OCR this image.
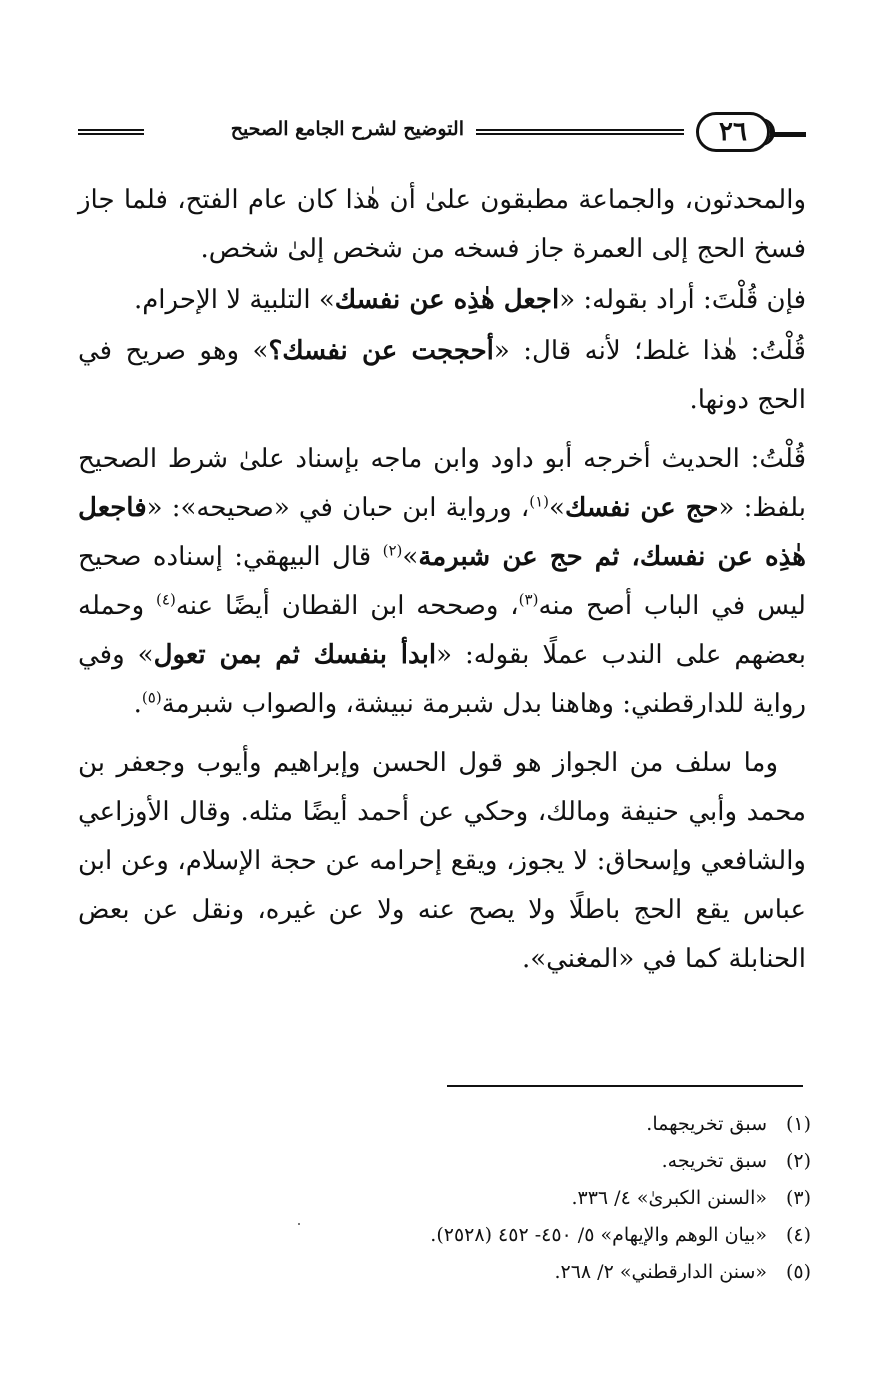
٢٦
التوضيح لشرح الجامع الصحيح

والمحدثون، والجماعة مطبقون علىٰ أن هٰذا كان عام الفتح، فلما جاز فسخ الحج إلى العمرة جاز فسخه من شخص إلىٰ شخص.

فإن قُلْتَ: أراد بقوله: «اجعل هٰذِه عن نفسك» التلبية لا الإحرام.

قُلْتُ: هٰذا غلط؛ لأنه قال: «أحججت عن نفسك؟» وهو صريح في الحج دونها.

قُلْتُ: الحديث أخرجه أبو داود وابن ماجه بإسناد علىٰ شرط الصحيح بلفظ: «حج عن نفسك»$^{(١)}$، ورواية ابن حبان في «صحيحه»: «فاجعل هٰذِه عن نفسك، ثم حج عن شبرمة»$^{(٢)}$ قال البيهقي: إسناده صحيح ليس في الباب أصح منه$^{(٣)}$، وصححه ابن القطان أيضًا عنه$^{(٤)}$ وحمله بعضهم على الندب عملًا بقوله: «ابدأ بنفسك ثم بمن تعول» وفي رواية للدارقطني: وهاهنا بدل شبرمة نبيشة، والصواب شبرمة$^{(٥)}$.

وما سلف من الجواز هو قول الحسن وإبراهيم وأيوب وجعفر بن محمد وأبي حنيفة ومالك، وحكي عن أحمد أيضًا مثله. وقال الأوزاعي والشافعي وإسحاق: لا يجوز، ويقع إحرامه عن حجة الإسلام، وعن ابن عباس يقع الحج باطلًا ولا يصح عنه ولا عن غيره، ونقل عن بعض الحنابلة كما في «المغني».

(١)
سبق تخريجهما.
(٢)
سبق تخريجه.
(٣)
«السنن الكبرىٰ» ٤/ ٣٣٦.
(٤)
«بيان الوهم والإيهام» ٥/ ٤٥٠- ٤٥٢ (٢٥٢٨).
(٥)
«سنن الدارقطني» ٢/ ٢٦٨.
